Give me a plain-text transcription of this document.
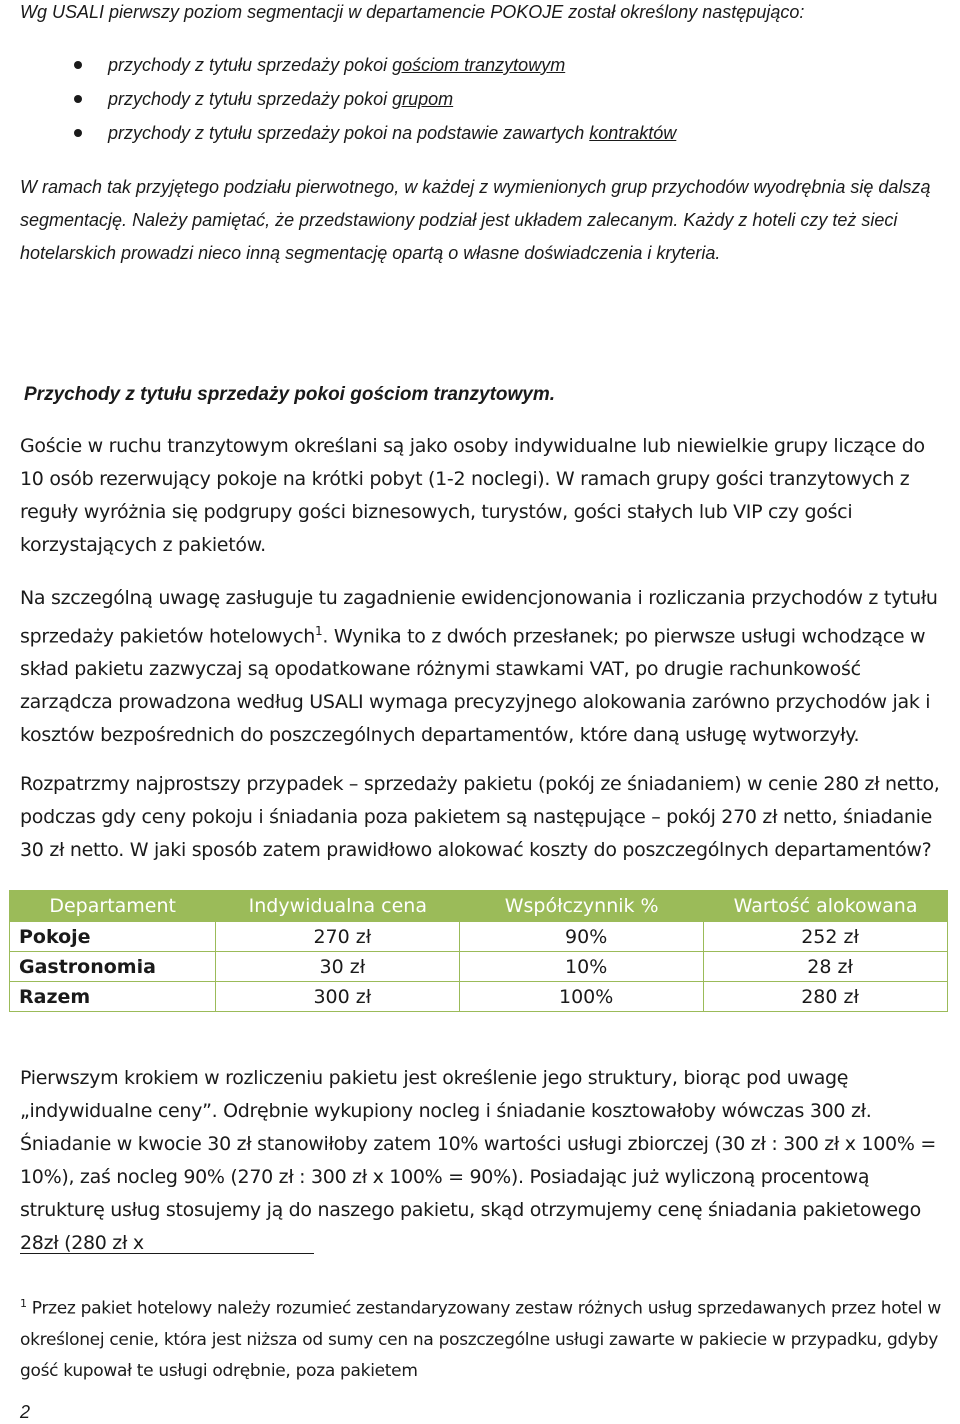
Wg USALI pierwszy poziom segmentacji w departamencie POKOJE został określony następująco:
przychody z tytułu sprzedaży pokoi gościom tranzytowym
przychody z tytułu sprzedaży pokoi grupom
przychody z tytułu sprzedaży pokoi na podstawie zawartych kontraktów

W ramach tak przyjętego podziału pierwotnego, w każdej z wymienionych grup przychodów wyodrębnia się dalszą segmentację. Należy pamiętać, że przedstawiony podział jest układem zalecanym. Każdy z hoteli czy też sieci hotelarskich prowadzi nieco inną segmentację opartą o własne doświadczenia i kryteria.

Przychody z tytułu sprzedaży pokoi gościom tranzytowym.

Goście w ruchu tranzytowym określani są jako osoby indywidualne lub niewielkie grupy liczące do 10 osób rezerwujący pokoje na krótki pobyt (1-2 noclegi). W ramach grupy gości tranzytowych z reguły wyróżnia się podgrupy gości biznesowych, turystów, gości stałych lub VIP czy gości korzystających z pakietów.

Na szczególną uwagę zasługuje tu zagadnienie ewidencjonowania i rozliczania przychodów z tytułu sprzedaży pakietów hotelowych$^1$. Wynika to z dwóch przesłanek; po pierwsze usługi wchodzące w skład pakietu zazwyczaj są opodatkowane różnymi stawkami VAT, po drugie rachunkowość zarządcza prowadzona według USALI wymaga precyzyjnego alokowania zarówno przychodów jak i kosztów bezpośrednich do poszczególnych departamentów, które daną usługę wytworzyły.

Rozpatrzmy najprostszy przypadek – sprzedaży pakietu (pokój ze śniadaniem) w cenie 280 zł netto, podczas gdy ceny pokoju i śniadania poza pakietem są następujące – pokój 270 zł netto, śniadanie 30 zł netto. W jaki sposób zatem prawidłowo alokować koszty do poszczególnych departamentów?

Departament	Indywidualna cena	Współczynnik %	Wartość alokowana
Pokoje	270 zł	90%	252 zł
Gastronomia	30 zł	10%	28 zł
Razem	300 zł	100%	280 zł

Pierwszym krokiem w rozliczeniu pakietu jest określenie jego struktury, biorąc pod uwagę „indywidualne ceny”. Odrębnie wykupiony nocleg i śniadanie kosztowałoby wówczas 300 zł. Śniadanie w kwocie 30 zł stanowiłoby zatem 10% wartości usługi zbiorczej (30 zł : 300 zł x 100% = 10%), zaś nocleg 90% (270 zł : 300 zł x 100% = 90%). Posiadając już wyliczoną procentową strukturę usług stosujemy ją do naszego pakietu, skąd otrzymujemy cenę śniadania pakietowego 28zł (280 zł x

$^1$ Przez pakiet hotelowy należy rozumieć zestandaryzowany zestaw różnych usług sprzedawanych przez hotel w określonej cenie, która jest niższa od sumy cen na poszczególne usługi zawarte w pakiecie w przypadku, gdyby gość kupował te usługi odrębnie, poza pakietem

2
